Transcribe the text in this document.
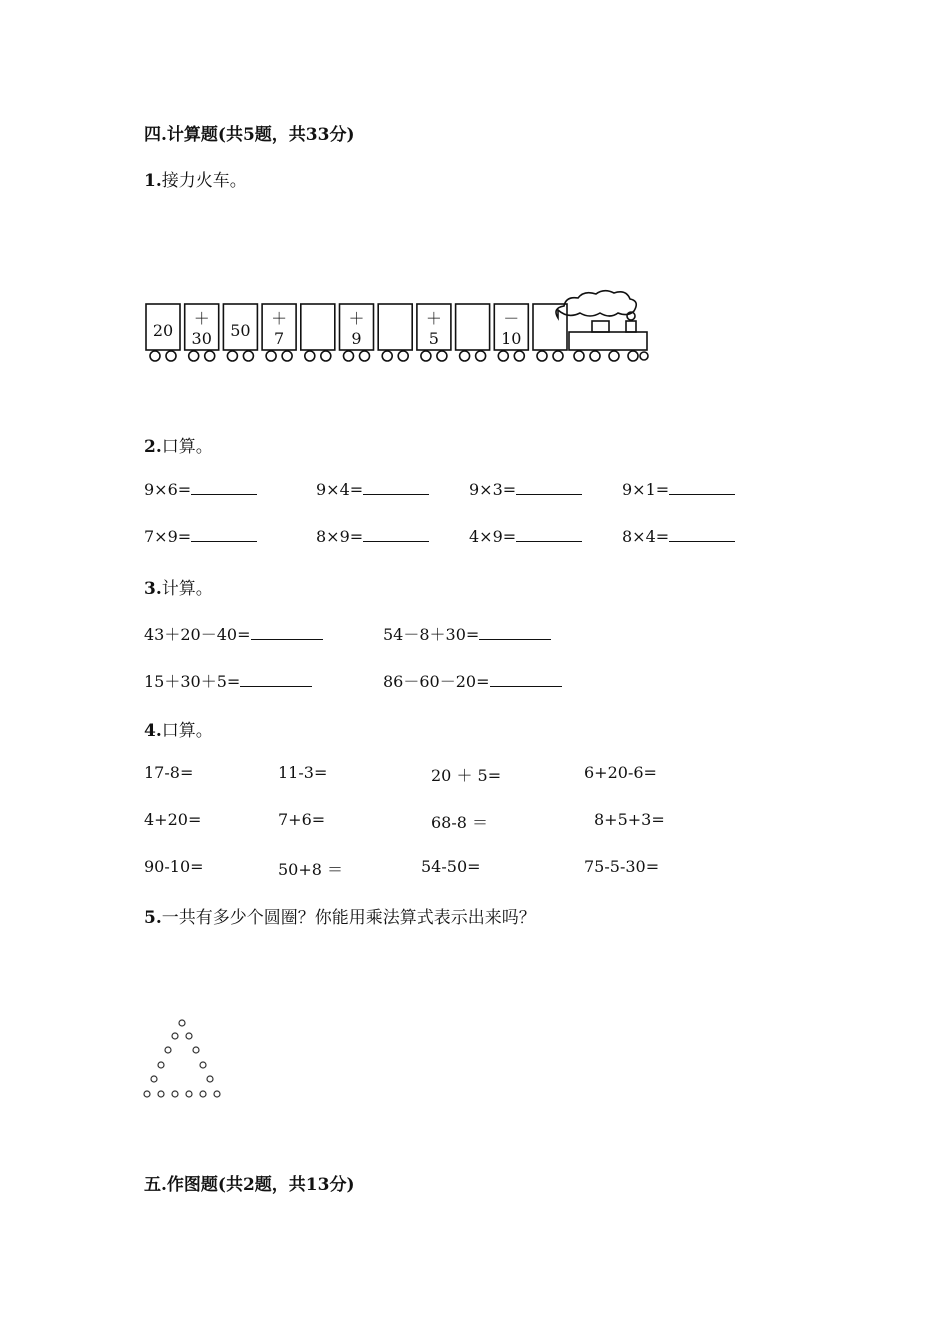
四.计算题(共5题，共33分)
1.接力火车。
20
＋
30 50
＋
7
＋
9
＋
5
－
10
2.口算。
9×6=	9×4=	9×3=	9×1=
7×9=	8×9=	4×9=	8×4=
3.计算。
43＋20－40=	54－8＋30=
15＋30＋5=	86－60－20=
4.口算。
17-8=	11-3=	20 ＋ 5=	6+20-6=
4+20=	7+6=	68-8 ＝	8+5+3=
90-10=	50+8 ＝	54-50=	75-5-30=
5.一共有多少个圆圈？你能用乘法算式表示出来吗？
五.作图题(共2题，共13分)
